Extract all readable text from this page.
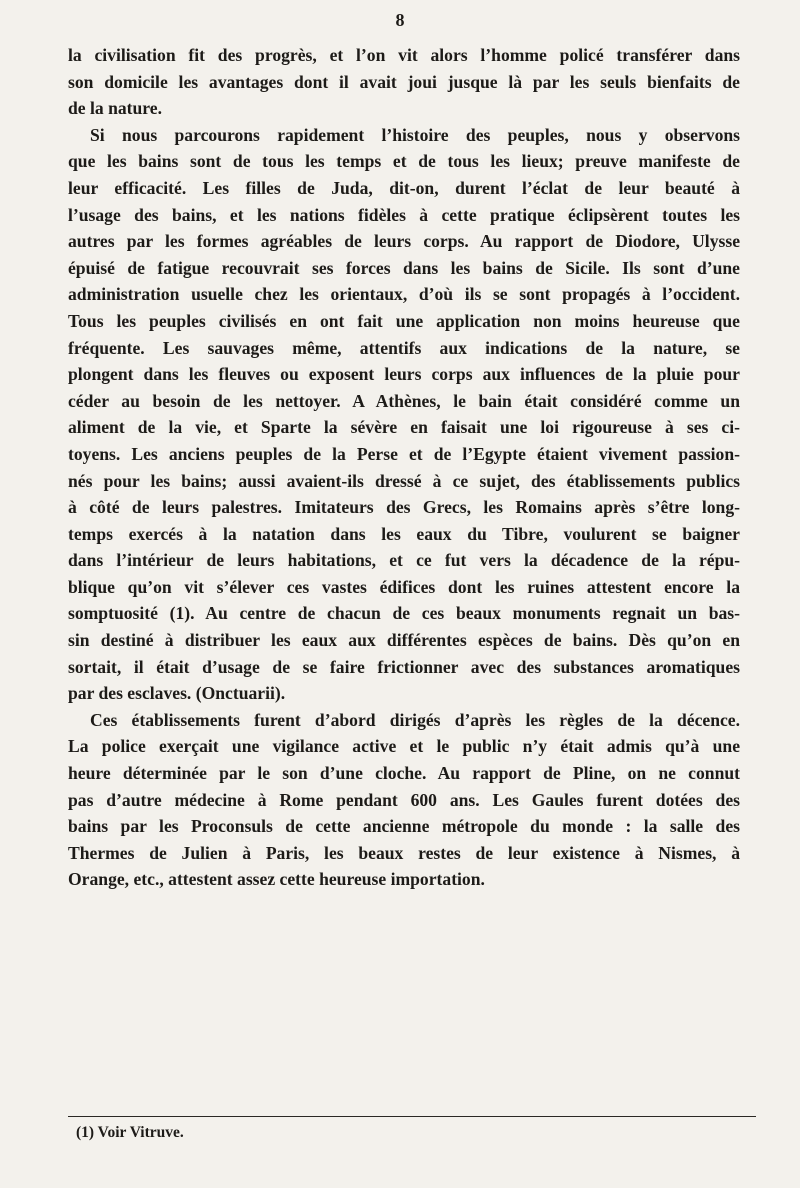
8
la civilisation fit des progrès, et l’on vit alors l’homme policé transférer dans
son domicile les avantages dont il avait joui jusque là par les seuls bienfaits de
de la nature.
Si nous parcourons rapidement l’histoire des peuples, nous y observons
que les bains sont de tous les temps et de tous les lieux; preuve manifeste de
leur efficacité. Les filles de Juda, dit-on, durent l’éclat de leur beauté à
l’usage des bains, et les nations fidèles à cette pratique éclipsèrent toutes les
autres par les formes agréables de leurs corps. Au rapport de Diodore, Ulysse
épuisé de fatigue recouvrait ses forces dans les bains de Sicile. Ils sont d’une
administration usuelle chez les orientaux, d’où ils se sont propagés à l’occident.
Tous les peuples civilisés en ont fait une application non moins heureuse que
fréquente. Les sauvages même, attentifs aux indications de la nature, se
plongent dans les fleuves ou exposent leurs corps aux influences de la pluie pour
céder au besoin de les nettoyer. A Athènes, le bain était considéré comme un
aliment de la vie, et Sparte la sévère en faisait une loi rigoureuse à ses ci-
toyens. Les anciens peuples de la Perse et de l’Egypte étaient vivement passion-
nés pour les bains; aussi avaient-ils dressé à ce sujet, des établissements publics
à côté de leurs palestres. Imitateurs des Grecs, les Romains après s’être long-
temps exercés à la natation dans les eaux du Tibre, voulurent se baigner
dans l’intérieur de leurs habitations, et ce fut vers la décadence de la répu-
blique qu’on vit s’élever ces vastes édifices dont les ruines attestent encore la
somptuosité (1). Au centre de chacun de ces beaux monuments regnait un bas-
sin destiné à distribuer les eaux aux différentes espèces de bains. Dès qu’on en
sortait, il était d’usage de se faire frictionner avec des substances aromatiques
par des esclaves. (Onctuarii).
Ces établissements furent d’abord dirigés d’après les règles de la décence.
La police exerçait une vigilance active et le public n’y était admis qu’à une
heure déterminée par le son d’une cloche. Au rapport de Pline, on ne connut
pas d’autre médecine à Rome pendant 600 ans. Les Gaules furent dotées des
bains par les Proconsuls de cette ancienne métropole du monde : la salle des
Thermes de Julien à Paris, les beaux restes de leur existence à Nismes, à
Orange, etc., attestent assez cette heureuse importation.
(1) Voir Vitruve.
